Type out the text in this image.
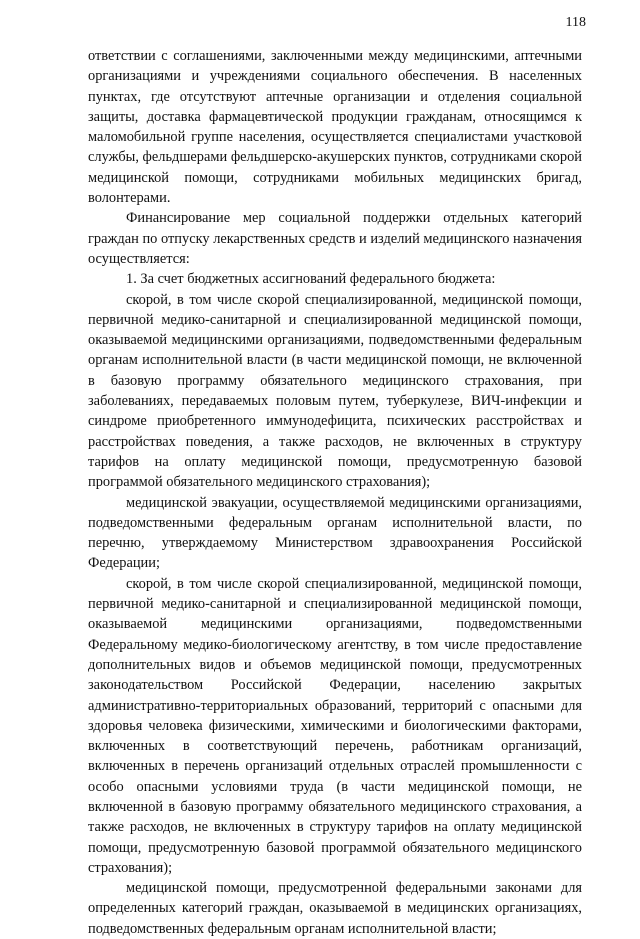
118

ответствии с соглашениями, заключенными между медицинскими, аптечными организациями и учреждениями социального обеспечения. В населенных пунктах, где отсутствуют аптечные организации и отделения социальной защиты, доставка фармацевтической продукции гражданам, относящимся к маломобильной группе населения, осуществляется специалистами участковой службы, фельдшерами фельдшерско-акушерских пунктов, сотрудниками скорой медицинской помощи, сотрудниками мобильных медицинских бригад, волонтерами.

Финансирование мер социальной поддержки отдельных категорий граждан по отпуску лекарственных средств и изделий медицинского назначения осуществляется:

1. За счет бюджетных ассигнований федерального бюджета:

скорой, в том числе скорой специализированной, медицинской помощи, первичной медико-санитарной и специализированной медицинской помощи, оказываемой медицинскими организациями, подведомственными федеральным органам исполнительной власти (в части медицинской помощи, не включенной в базовую программу обязательного медицинского страхования, при заболеваниях, передаваемых половым путем, туберкулезе, ВИЧ-инфекции и синдроме приобретенного иммунодефицита, психических расстройствах и расстройствах поведения, а также расходов, не включенных в структуру тарифов на оплату медицинской помощи, предусмотренную базовой программой обязательного медицинского страхования);

медицинской эвакуации, осуществляемой медицинскими организациями, подведомственными федеральным органам исполнительной власти, по перечню, утверждаемому Министерством здравоохранения Российской Федерации;

скорой, в том числе скорой специализированной, медицинской помощи, первичной медико-санитарной и специализированной медицинской помощи, оказываемой медицинскими организациями, подведомственными Федеральному медико-биологическому агентству, в том числе предоставление дополнительных видов и объемов медицинской помощи, предусмотренных законодательством Российской Федерации, населению закрытых административно-территориальных образований, территорий с опасными для здоровья человека физическими, химическими и биологическими факторами, включенных в соответствующий перечень, работникам организаций, включенных в перечень организаций отдельных отраслей промышленности с особо опасными условиями труда (в части медицинской помощи, не включенной в базовую программу обязательного медицинского страхования, а также расходов, не включенных в структуру тарифов на оплату медицинской помощи, предусмотренную базовой программой обязательного медицинского страхования);

медицинской помощи, предусмотренной федеральными законами для определенных категорий граждан, оказываемой в медицинских организациях, подведомственных федеральным органам исполнительной власти;
